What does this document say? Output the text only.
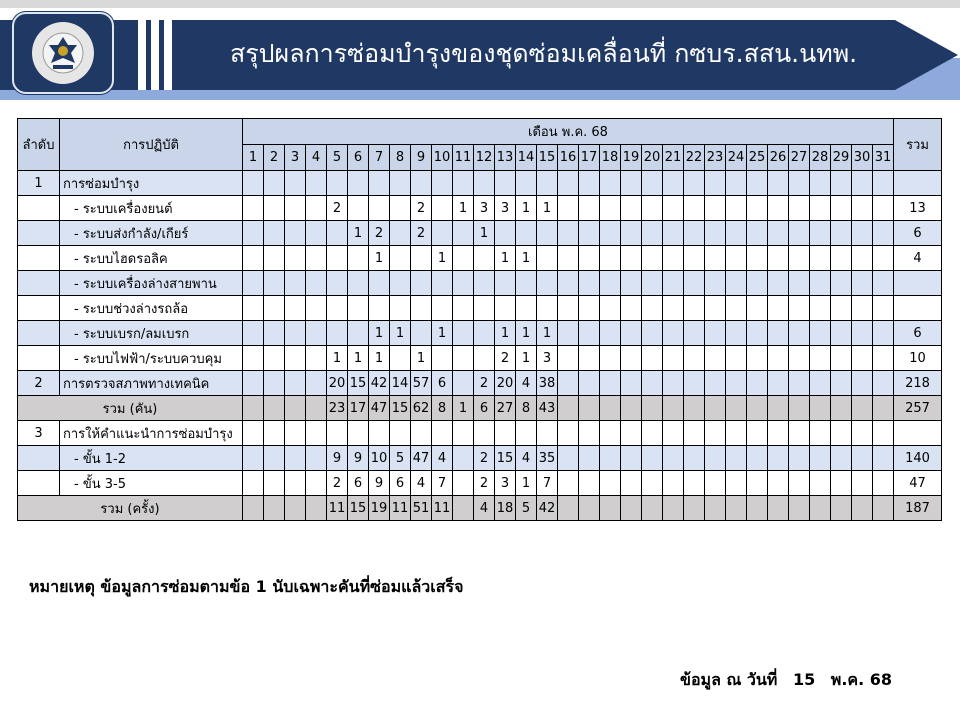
สรุปผลการซ่อมบำรุงของชุดซ่อมเคลื่อนที่ กซบร.สสน.นทพ.
ลำดับ	การปฏิบัติ	เดือน พ.ค. 68																															รวม
		1	2	3	4	5	6	7	8	9	10	11	12	13	14	15	16	17	18	19	20	21	22	23	24	25	26	27	28	29	30	31	
1	การซ่อมบำรุง																																
	- ระบบเครื่องยนต์					2				2		1	3	3	1	1																	13
	- ระบบส่งกำลัง/เกียร์						1	2		2			1																				6
	- ระบบไฮดรอลิค							1			1			1	1																		4
	- ระบบเครื่องล่างสายพาน																																
	- ระบบช่วงล่างรถล้อ																																
	- ระบบเบรก/ลมเบรก							1	1		1			1	1	1																	6
	- ระบบไฟฟ้า/ระบบควบคุม					1	1	1		1				2	1	3																	10
2	การตรวจสภาพทางเทคนิค					20	15	42	14	57	6		2	20	4	38																	218
รวม (คัน)						23	17	47	15	62	8	1	6	27	8	43																	257
3	การให้คำแนะนำการซ่อมบำรุง																																
	- ขั้น 1-2					9	9	10	5	47	4		2	15	4	35																	140
	- ขั้น 3-5					2	6	9	6	4	7		2	3	1	7																	47
รวม (ครั้ง)						11	15	19	11	51	11		4	18	5	42																	187
หมายเหตุ ข้อมูลการซ่อมตามข้อ 1 นับเฉพาะคันที่ซ่อมแล้วเสร็จ
ข้อมูล ณ วันที่ 15 พ.ค. 68
